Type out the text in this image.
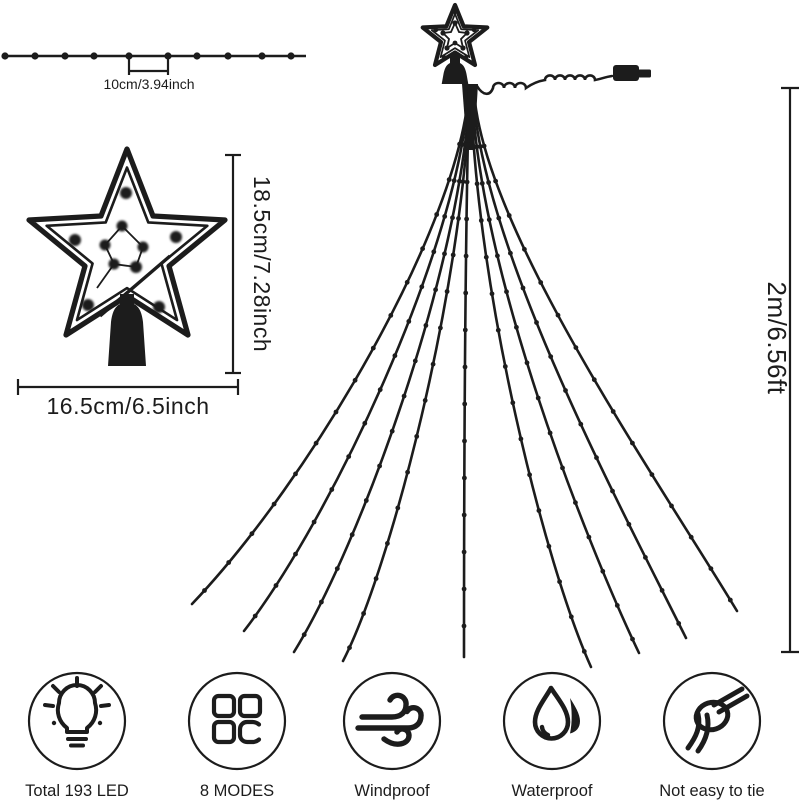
10cm/3.94inch
2m/6.56ft
18.5cm/7.28inch
16.5cm/6.5inch
Total 193 LED	8 MODES	Windproof	Waterproof	Not easy to tie
